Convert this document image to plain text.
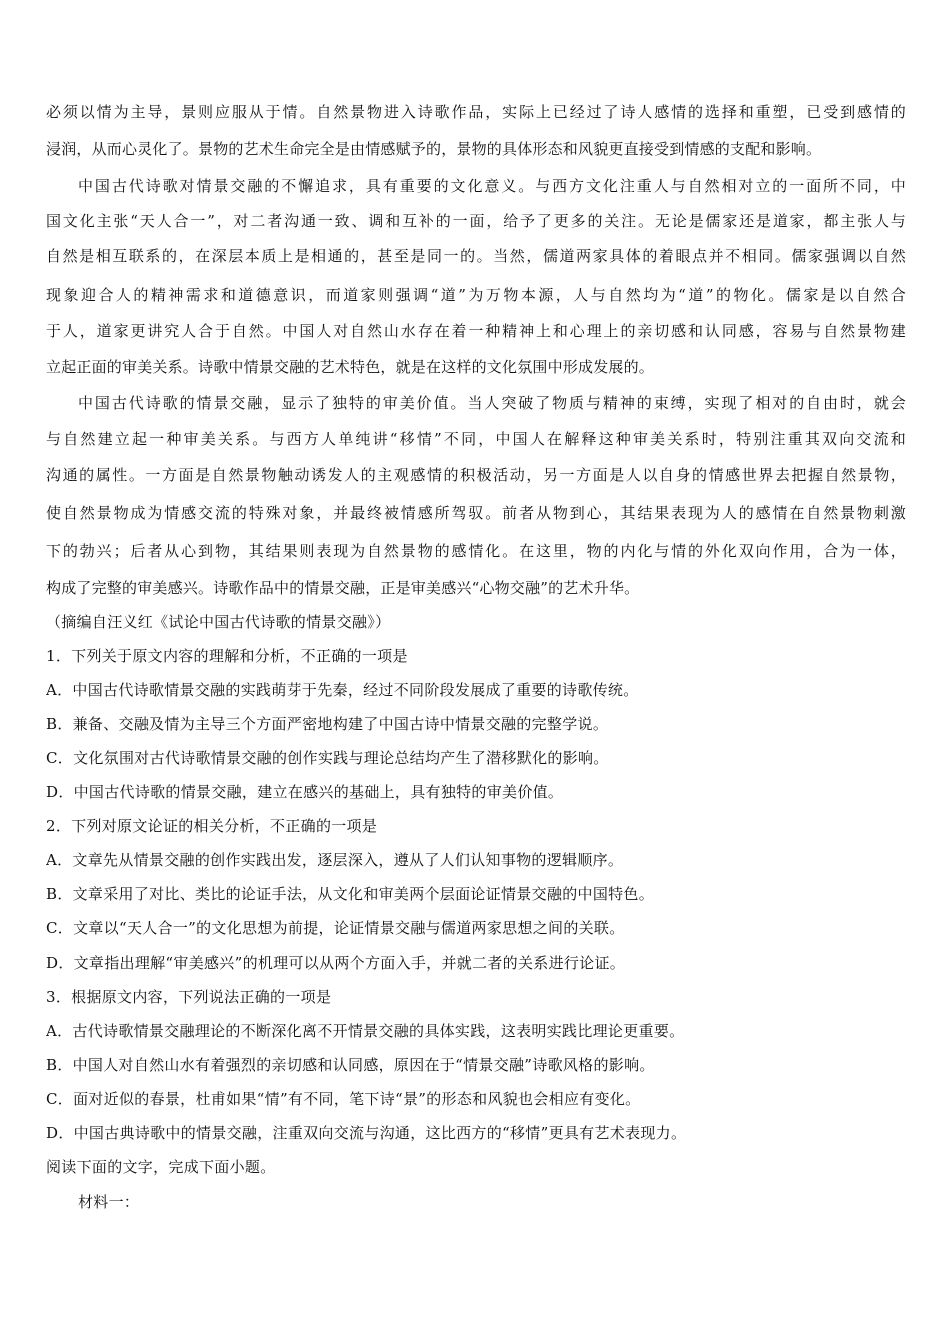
必须以情为主导，景则应服从于情。自然景物进入诗歌作品，实际上已经过了诗人感情的选择和重塑，已受到感情的
浸润，从而心灵化了。景物的艺术生命完全是由情感赋予的，景物的具体形态和风貌更直接受到情感的支配和影响。
中国古代诗歌对情景交融的不懈追求，具有重要的文化意义。与西方文化注重人与自然相对立的一面所不同，中
国文化主张“天人合一”，对二者沟通一致、调和互补的一面，给予了更多的关注。无论是儒家还是道家，都主张人与
自然是相互联系的，在深层本质上是相通的，甚至是同一的。当然，儒道两家具体的着眼点并不相同。儒家强调以自然
现象迎合人的精神需求和道德意识，而道家则强调“道”为万物本源，人与自然均为“道”的物化。儒家是以自然合
于人，道家更讲究人合于自然。中国人对自然山水存在着一种精神上和心理上的亲切感和认同感，容易与自然景物建
立起正面的审美关系。诗歌中情景交融的艺术特色，就是在这样的文化氛围中形成发展的。
中国古代诗歌的情景交融，显示了独特的审美价值。当人突破了物质与精神的束缚，实现了相对的自由时，就会
与自然建立起一种审美关系。与西方人单纯讲“移情”不同，中国人在解释这种审美关系时，特别注重其双向交流和
沟通的属性。一方面是自然景物触动诱发人的主观感情的积极活动，另一方面是人以自身的情感世界去把握自然景物，
使自然景物成为情感交流的特殊对象，并最终被情感所驾驭。前者从物到心，其结果表现为人的感情在自然景物刺激
下的勃兴；后者从心到物，其结果则表现为自然景物的感情化。在这里，物的内化与情的外化双向作用，合为一体，
构成了完整的审美感兴。诗歌作品中的情景交融，正是审美感兴“心物交融”的艺术升华。
（摘编自汪义红《试论中国古代诗歌的情景交融》）
1．下列关于原文内容的理解和分析，不正确的一项是
A．中国古代诗歌情景交融的实践萌芽于先秦，经过不同阶段发展成了重要的诗歌传统。
B．兼备、交融及情为主导三个方面严密地构建了中国古诗中情景交融的完整学说。
C．文化氛围对古代诗歌情景交融的创作实践与理论总结均产生了潜移默化的影响。
D．中国古代诗歌的情景交融，建立在感兴的基础上，具有独特的审美价值。
2．下列对原文论证的相关分析，不正确的一项是
A．文章先从情景交融的创作实践出发，逐层深入，遵从了人们认知事物的逻辑顺序。
B．文章采用了对比、类比的论证手法，从文化和审美两个层面论证情景交融的中国特色。
C．文章以“天人合一”的文化思想为前提，论证情景交融与儒道两家思想之间的关联。
D．文章指出理解“审美感兴”的机理可以从两个方面入手，并就二者的关系进行论证。
3．根据原文内容，下列说法正确的一项是
A．古代诗歌情景交融理论的不断深化离不开情景交融的具体实践，这表明实践比理论更重要。
B．中国人对自然山水有着强烈的亲切感和认同感，原因在于“情景交融”诗歌风格的影响。
C．面对近似的春景，杜甫如果“情”有不同，笔下诗“景”的形态和风貌也会相应有变化。
D．中国古典诗歌中的情景交融，注重双向交流与沟通，这比西方的“移情”更具有艺术表现力。
阅读下面的文字，完成下面小题。
材料一：
